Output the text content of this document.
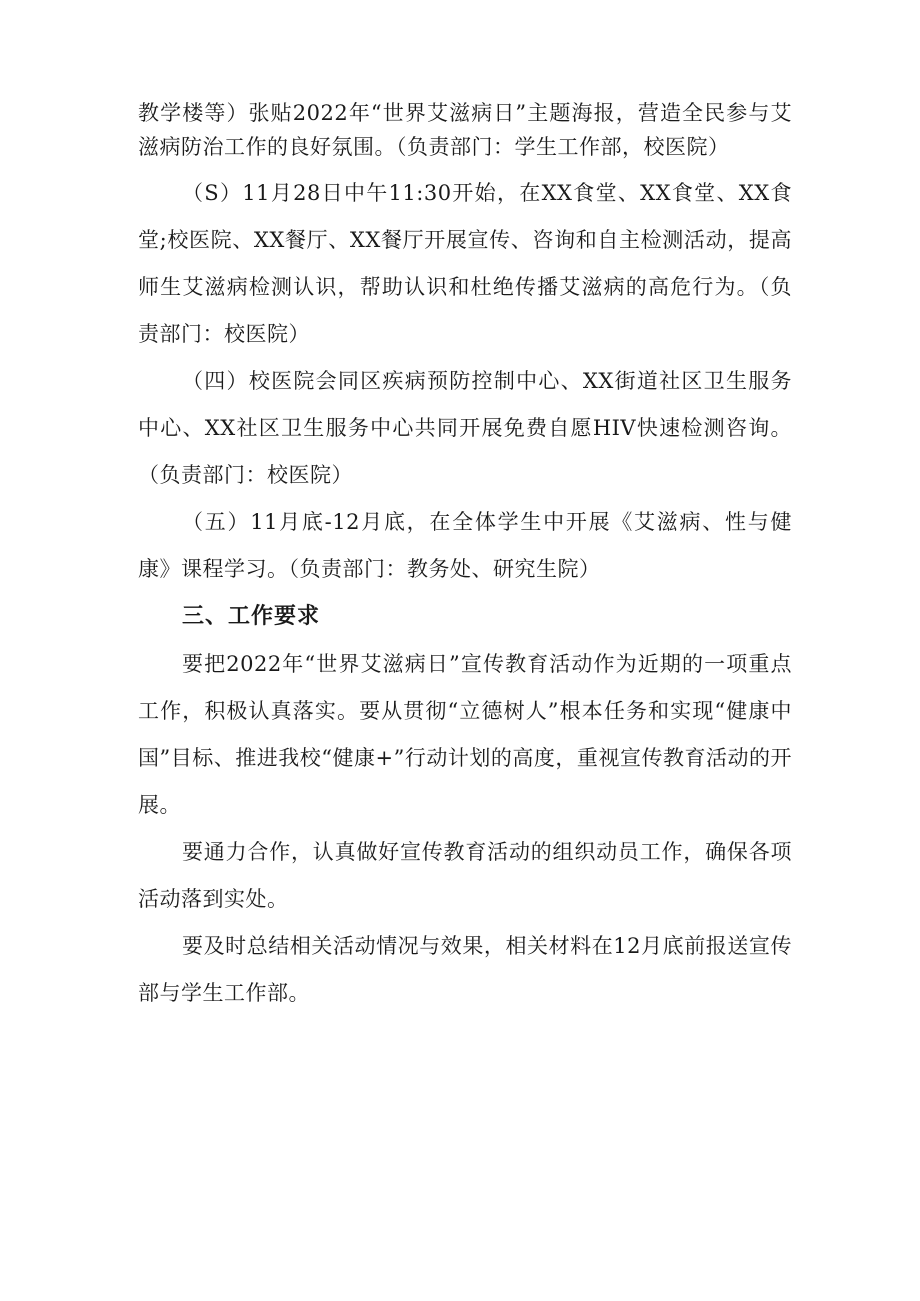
教学楼等）张贴2022年“世界艾滋病日”主题海报，营造全民参与艾滋病防治工作的良好氛围。（负责部门：学生工作部，校医院）

（S）11月28日中午11:30开始，在XX食堂、XX食堂、XX食堂;校医院、XX餐厅、XX餐厅开展宣传、咨询和自主检测活动，提高师生艾滋病检测认识，帮助认识和杜绝传播艾滋病的高危行为。（负责部门：校医院）

（四）校医院会同区疾病预防控制中心、XX街道社区卫生服务中心、XX社区卫生服务中心共同开展免费自愿HIV快速检测咨询。（负责部门：校医院）

（五）11月底-12月底，在全体学生中开展《艾滋病、性与健康》课程学习。（负责部门：教务处、研究生院）

三、工作要求

要把2022年“世界艾滋病日”宣传教育活动作为近期的一项重点工作，积极认真落实。要从贯彻“立德树人”根本任务和实现“健康中国”目标、推进我校“健康+”行动计划的高度，重视宣传教育活动的开展。

要通力合作，认真做好宣传教育活动的组织动员工作，确保各项活动落到实处。

要及时总结相关活动情况与效果，相关材料在12月底前报送宣传部与学生工作部。
